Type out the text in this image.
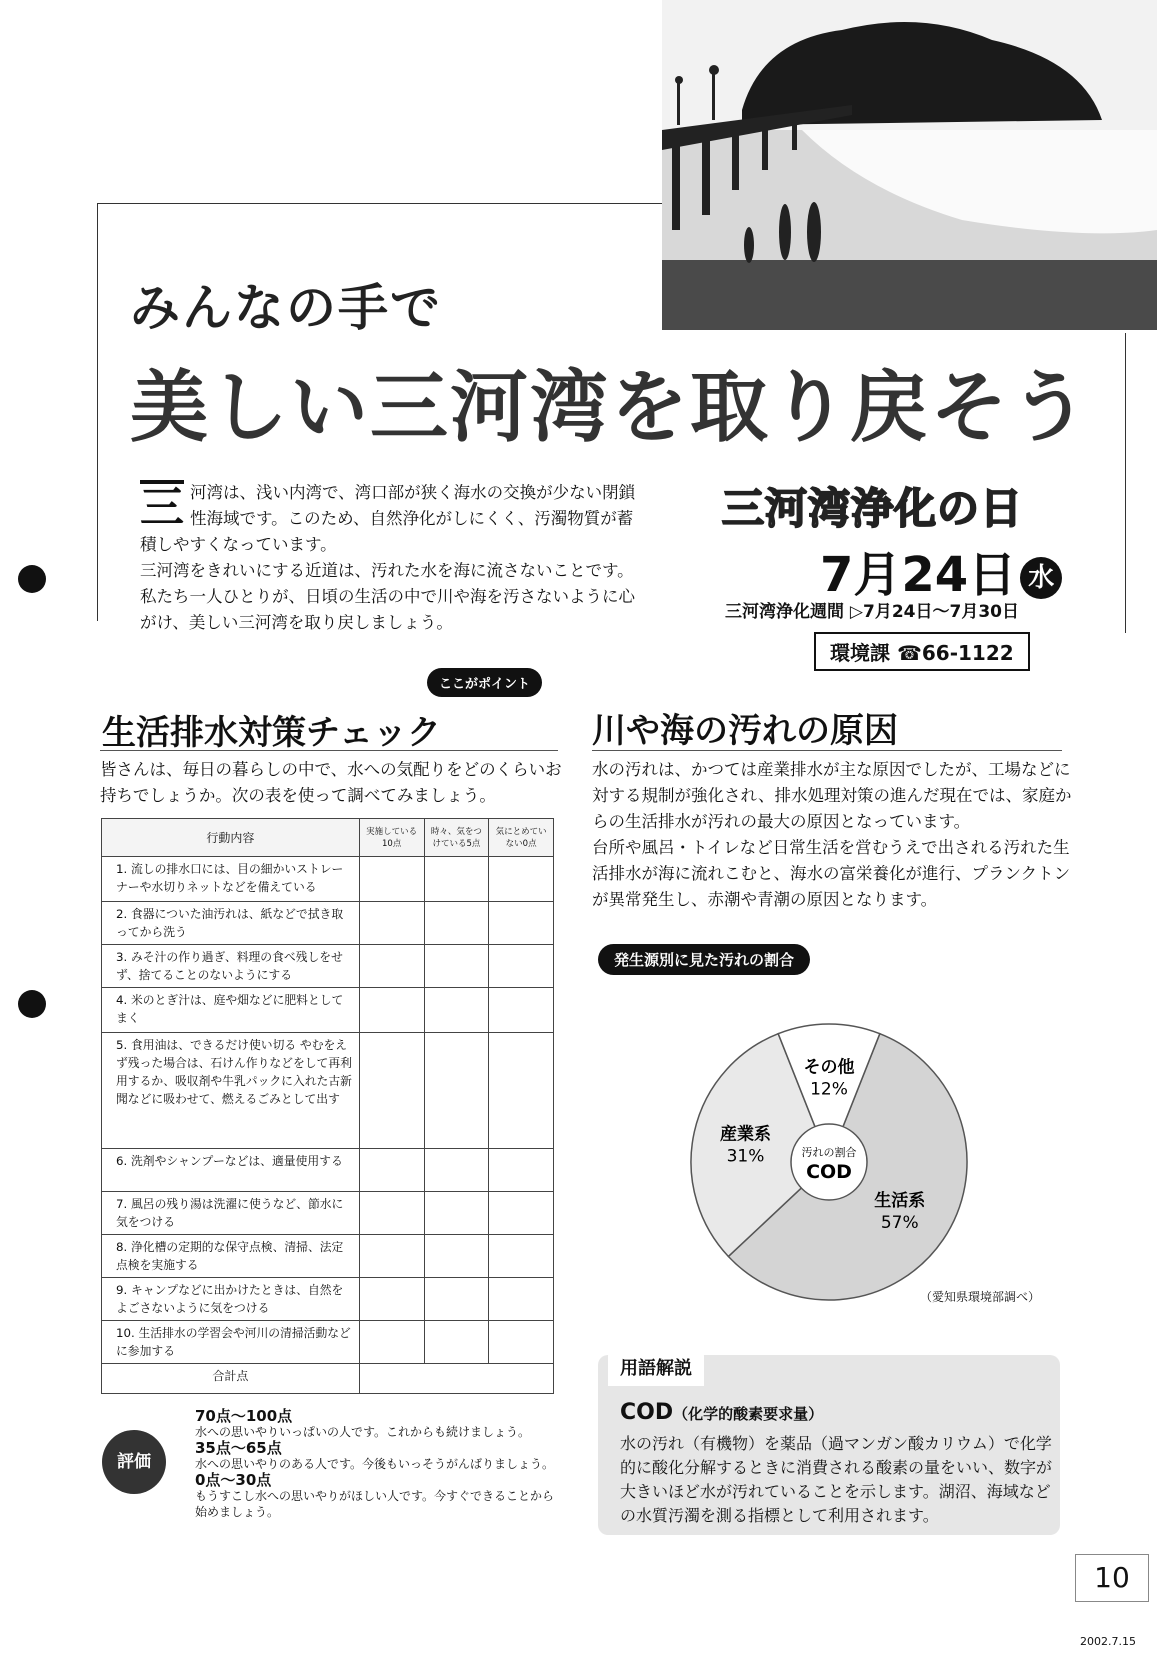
みんなの手で
美しい三河湾を取り戻そう
三 河湾は、浅い内湾で、湾口部が狭く海水の交換が少ない閉鎖性海域です。このため、自然浄化がしにくく、汚濁物質が蓄積しやすくなっています。
三河湾をきれいにする近道は、汚れた水を海に流さないことです。私たち一人ひとりが、日頃の生活の中で川や海を汚さないように心がけ、美しい三河湾を取り戻しましょう。
三河湾浄化の日
7月24日 水
三河湾浄化週間 ▷7月24日〜7月30日
環境課 ☎66‐1122
ここがポイント
生活排水対策チェック
皆さんは、毎日の暮らしの中で、水への気配りをどのくらいお持ちでしょうか。次の表を使って調べてみましょう。
行動内容	実施している10点	時々、気をつけている5点	気にとめていない0点
1. 流しの排水口には、目の細かいストレーナーや水切りネットなどを備えている			
2. 食器についた油汚れは、紙などで拭き取ってから洗う			
3. みそ汁の作り過ぎ、料理の食べ残しをせず、捨てることのないようにする			
4. 米のとぎ汁は、庭や畑などに肥料としてまく			
5. 食用油は、できるだけ使い切る やむをえず残った場合は、石けん作りなどをして再利用するか、吸収剤や牛乳パックに入れた古新聞などに吸わせて、燃えるごみとして出す			
6. 洗剤やシャンプーなどは、適量使用する			
7. 風呂の残り湯は洗濯に使うなど、節水に気をつける			
8. 浄化槽の定期的な保守点検、清掃、法定点検を実施する			
9. キャンプなどに出かけたときは、自然をよごさないように気をつける			
10. 生活排水の学習会や河川の清掃活動などに参加する			
合計点			
評価
70点〜100点
水への思いやりいっぱいの人です。これからも続けましょう。
35点〜65点
水への思いやりのある人です。今後もいっそうがんばりましょう。
0点〜30点
もうすこし水への思いやりがほしい人です。今すぐできることから始めましょう。
川や海の汚れの原因
水の汚れは、かつては産業排水が主な原因でしたが、工場などに対する規制が強化され、排水処理対策の進んだ現在では、家庭からの生活排水が汚れの最大の原因となっています。
台所や風呂・トイレなど日常生活を営むうえで出される汚れた生活排水が海に流れこむと、海水の富栄養化が進行、プランクトンが異常発生し、赤潮や青潮の原因となります。
発生源別に見た汚れの割合
生活系
57%
産業系
31%
その他
12%
汚れの割合
COD
（愛知県環境部調べ）
用語解説
COD（化学的酸素要求量）
水の汚れ（有機物）を薬品（過マンガン酸カリウム）で化学的に酸化分解するときに消費される酸素の量をいい、数字が大きいほど水が汚れていることを示します。湖沼、海域などの水質汚濁を測る指標として利用されます。
10
2002.7.15
